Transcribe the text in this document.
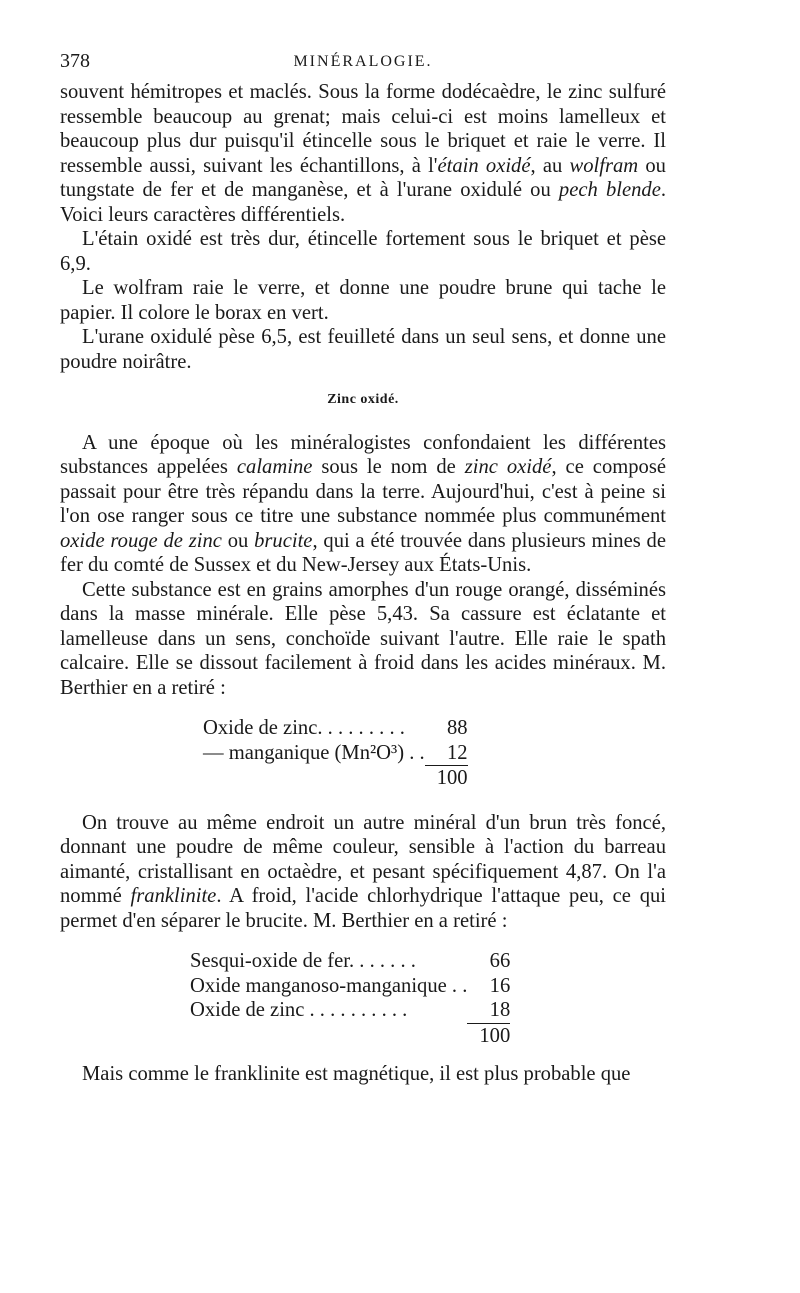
378	MINÉRALOGIE.

souvent hémitropes et maclés. Sous la forme dodécaèdre, le zinc sulfuré ressemble beaucoup au grenat; mais celui-ci est moins lamelleux et beaucoup plus dur puisqu'il étincelle sous le briquet et raie le verre. Il ressemble aussi, suivant les échantillons, à l'étain oxidé, au wolfram ou tungstate de fer et de manganèse, et à l'urane oxidulé ou pech blende. Voici leurs caractères différentiels.

L'étain oxidé est très dur, étincelle fortement sous le briquet et pèse 6,9.

Le wolfram raie le verre, et donne une poudre brune qui tache le papier. Il colore le borax en vert.

L'urane oxidulé pèse 6,5, est feuilleté dans un seul sens, et donne une poudre noirâtre.

Zinc oxidé.

A une époque où les minéralogistes confondaient les différentes substances appelées calamine sous le nom de zinc oxidé, ce composé passait pour être très répandu dans la terre. Aujourd'hui, c'est à peine si l'on ose ranger sous ce titre une substance nommée plus communément oxide rouge de zinc ou brucite, qui a été trouvée dans plusieurs mines de fer du comté de Sussex et du New-Jersey aux États-Unis.

Cette substance est en grains amorphes d'un rouge orangé, disséminés dans la masse minérale. Elle pèse 5,43. Sa cassure est éclatante et lamelleuse dans un sens, conchoïde suivant l'autre. Elle raie le spath calcaire. Elle se dissout facilement à froid dans les acides minéraux. M. Berthier en a retiré :

Oxide de zinc. . . . . . . . .	88
— manganique (Mn²O³) . .	12
	100

On trouve au même endroit un autre minéral d'un brun très foncé, donnant une poudre de même couleur, sensible à l'action du barreau aimanté, cristallisant en octaèdre, et pesant spécifiquement 4,87. On l'a nommé franklinite. A froid, l'acide chlorhydrique l'attaque peu, ce qui permet d'en séparer le brucite. M. Berthier en a retiré :

Sesqui-oxide de fer. . . . . . .	66
Oxide manganoso-manganique . .	16
Oxide de zinc . . . . . . . . . .	18
	100

Mais comme le franklinite est magnétique, il est plus probable que
